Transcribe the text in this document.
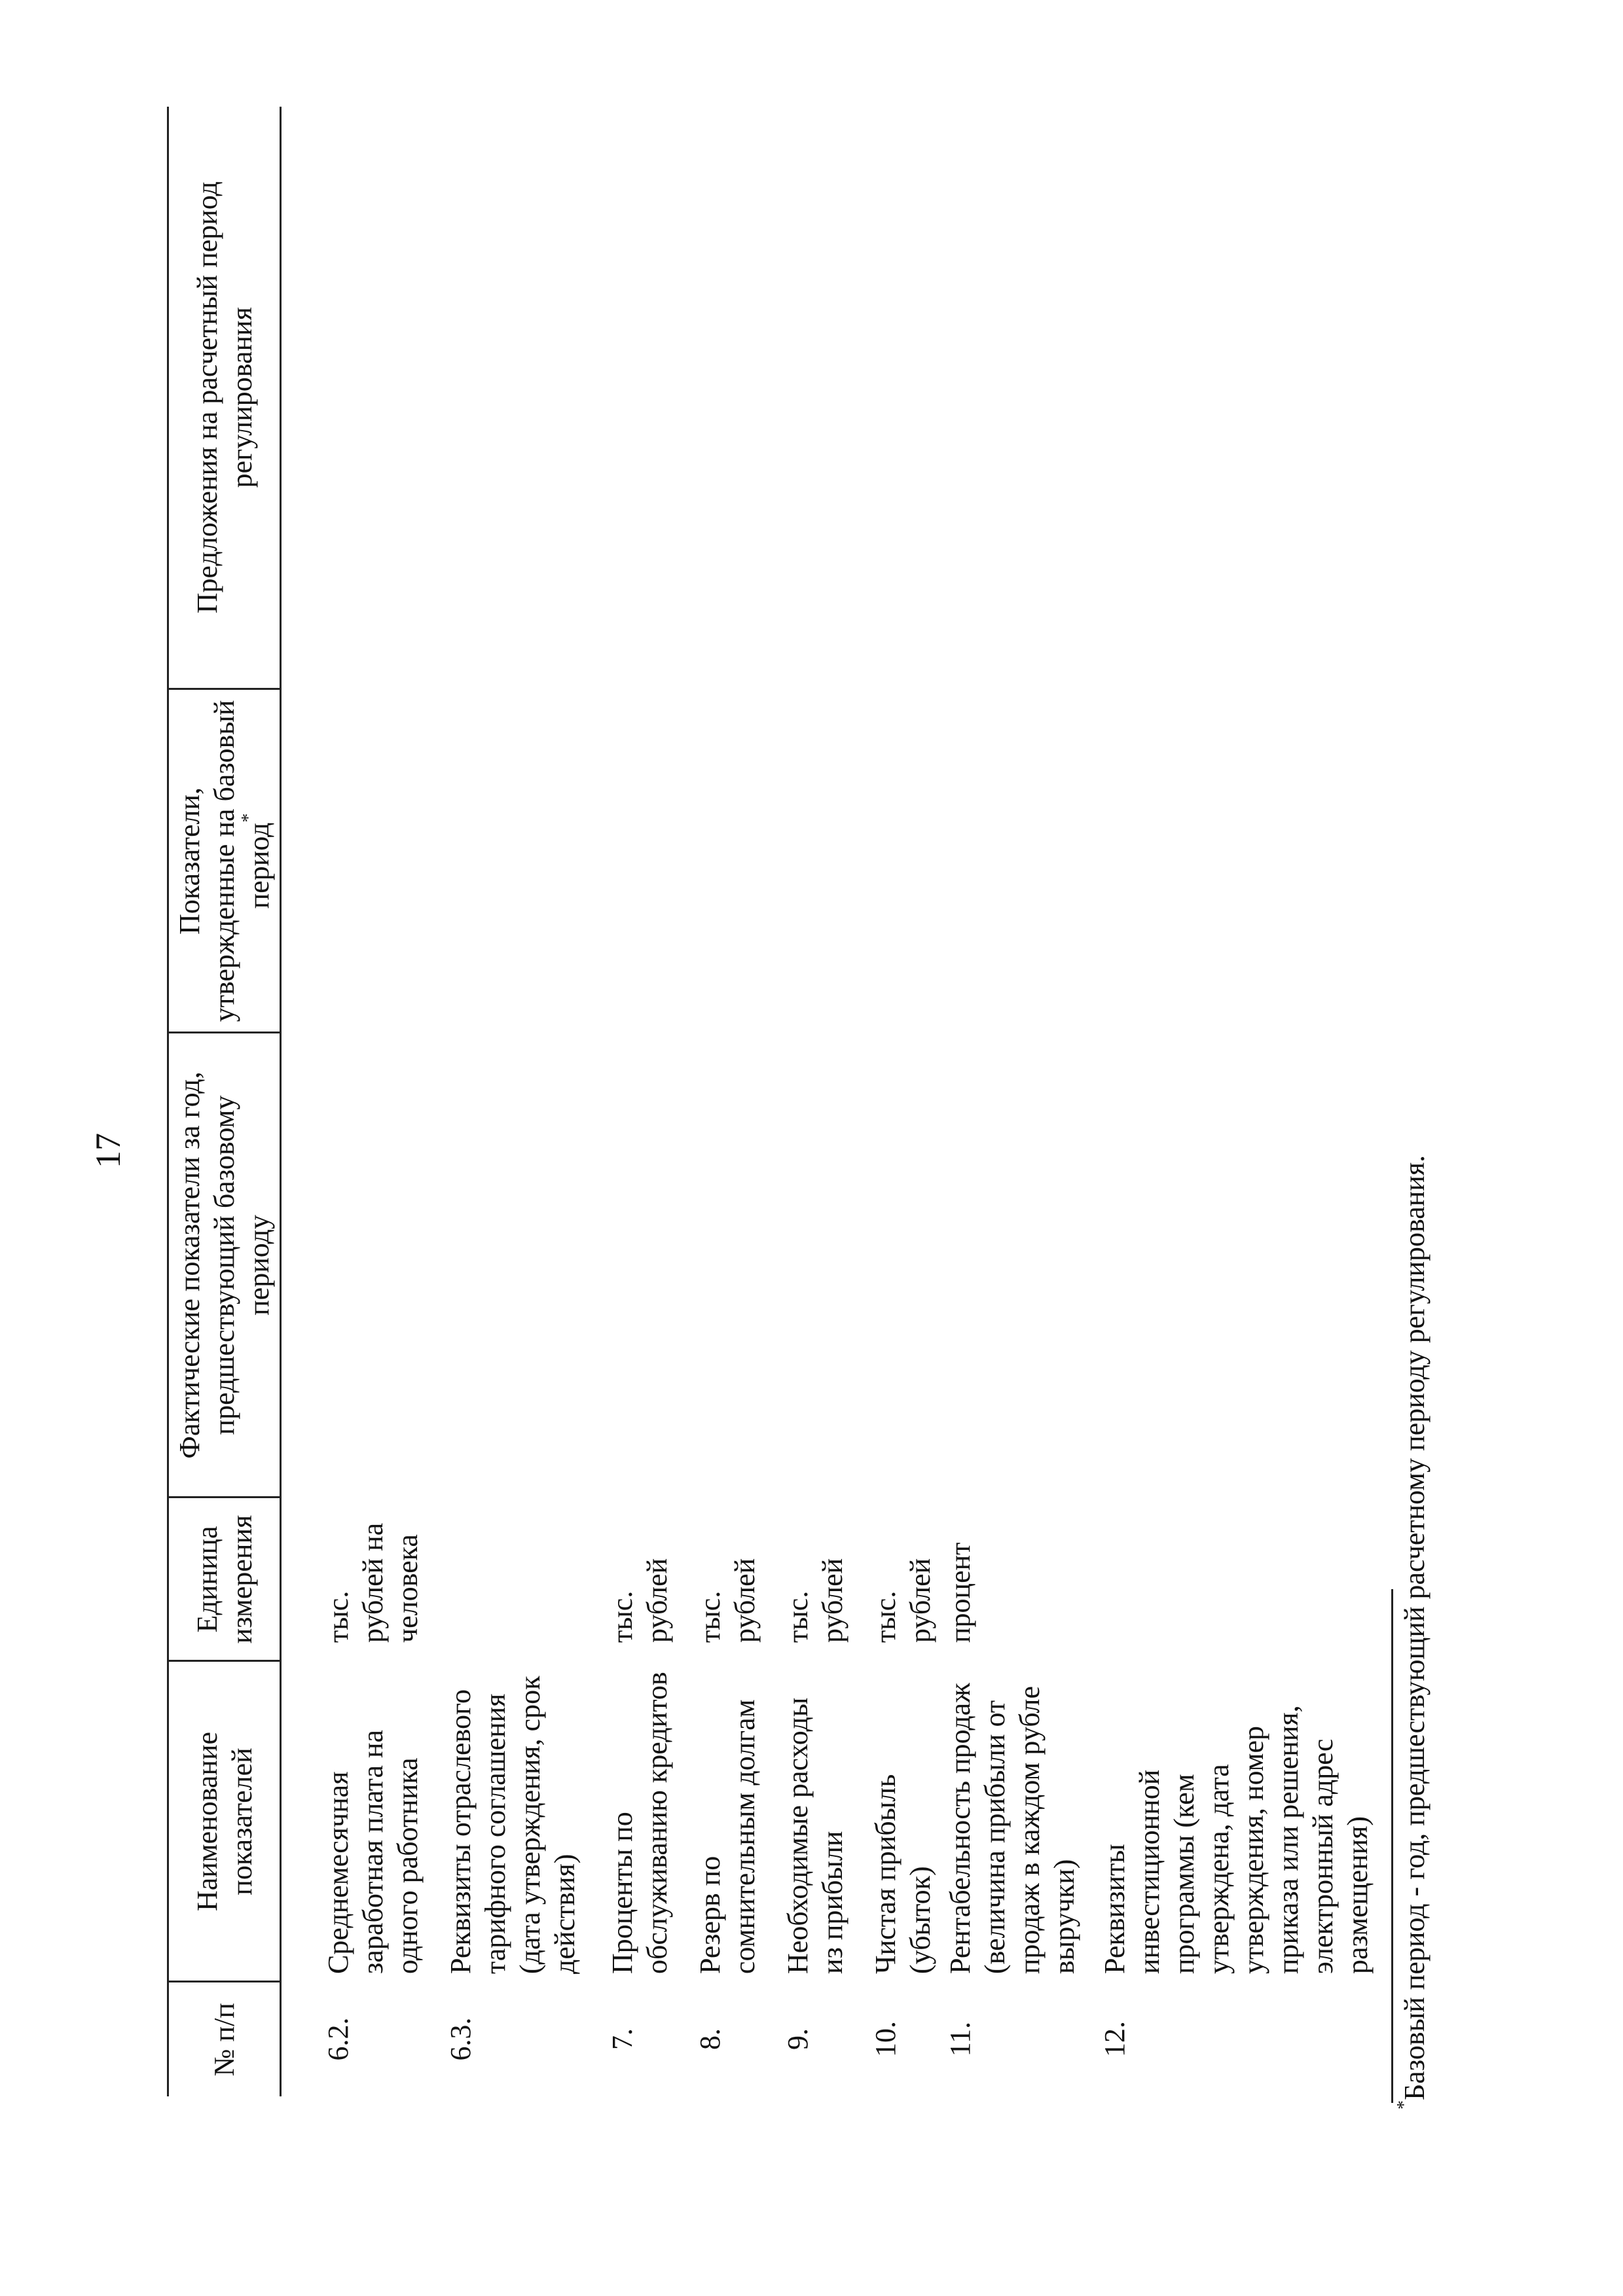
17
№ п/п	Наименование показателей	Единица измерения	Фактические показатели за год, предшествующий базовому периоду	Показатели, утвержденные на базовый период*	Предложения на расчетный период регулирования
6.2.	Среднемесячная заработная плата на одного работника	тыс. рублей на человека			
6.3.	Реквизиты отраслевого тарифного соглашения (дата утверждения, срок действия)				
7.	Проценты по обслуживанию кредитов	тыс. рублей			
8.	Резерв по сомнительным долгам	тыс. рублей			
9.	Необходимые расходы из прибыли	тыс. рублей			
10.	Чистая прибыль (убыток)	тыс. рублей			
11.	Рентабельность продаж (величина прибыли от продаж в каждом рубле выручки)	процент			
12.	Реквизиты инвестиционной программы (кем утверждена, дата утверждения, номер приказа или решения, электронный адрес размещения)				
*Базовый период - год, предшествующий расчетному периоду регулирования.
